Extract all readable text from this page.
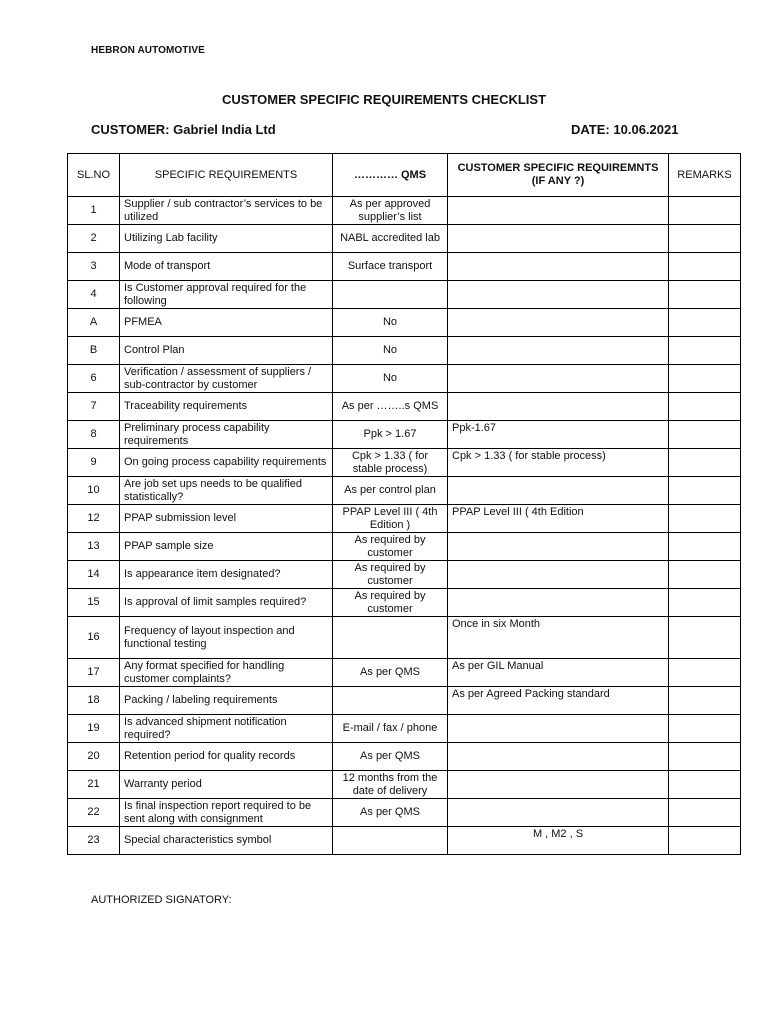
HEBRON AUTOMOTIVE
CUSTOMER SPECIFIC REQUIREMENTS CHECKLIST
CUSTOMER: Gabriel India Ltd	DATE: 10.06.2021
SL.NO	SPECIFIC REQUIREMENTS	………… QMS	CUSTOMER SPECIFIC REQUIREMNTS (IF ANY ?)	REMARKS
1	Supplier / sub contractor’s services to be utilized	As per approved supplier’s list		
2	Utilizing Lab facility	NABL accredited lab		
3	Mode of transport	Surface transport		
4	Is Customer approval required for the following			
A	PFMEA	No		
B	Control Plan	No		
6	Verification / assessment of suppliers / sub-contractor by customer	No		
7	Traceability requirements	As per ……..s QMS		
8	Preliminary process capability requirements	Ppk > 1.67	Ppk-1.67	
9	On going process capability requirements	Cpk > 1.33 ( for stable process)	Cpk > 1.33 ( for stable process)	
10	Are job set ups needs to be qualified statistically?	As per control plan		
12	PPAP submission level	PPAP Level III ( 4th Edition )	PPAP Level III ( 4th Edition	
13	PPAP sample size	As required by customer		
14	Is appearance item designated?	As required by customer		
15	Is approval of limit samples required?	As required by customer		
16	Frequency of layout inspection and functional testing		Once in six Month	
17	Any format specified for handling customer complaints?	As per QMS	As per GIL Manual	
18	Packing / labeling requirements		As per Agreed Packing standard	
19	Is advanced shipment notification required?	E-mail / fax / phone		
20	Retention period for quality records	As per QMS		
21	Warranty period	12 months from the date of delivery		
22	Is final inspection report required to be sent along with consignment	As per QMS		
23	Special characteristics symbol		M , M2 , S	
AUTHORIZED SIGNATORY:
